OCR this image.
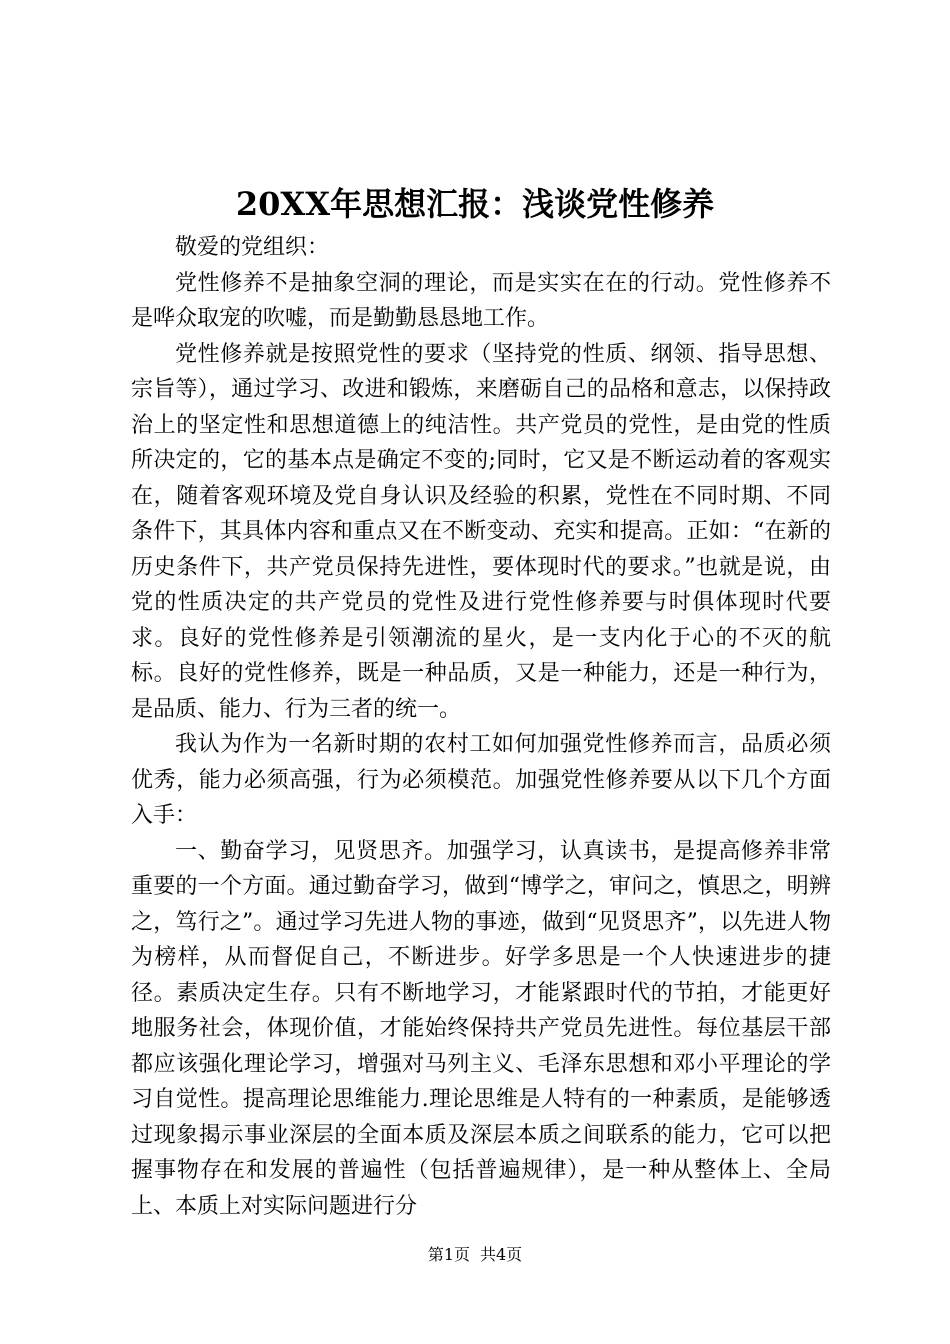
20XX年思想汇报：浅谈党性修养

敬爱的党组织：

党性修养不是抽象空洞的理论，而是实实在在的行动。党性修养不是哗众取宠的吹嘘，而是勤勤恳恳地工作。

党性修养就是按照党性的要求（坚持党的性质、纲领、指导思想、宗旨等），通过学习、改进和锻炼，来磨砺自己的品格和意志，以保持政治上的坚定性和思想道德上的纯洁性。共产党员的党性，是由党的性质所决定的，它的基本点是确定不变的;同时，它又是不断运动着的客观实在，随着客观环境及党自身认识及经验的积累，党性在不同时期、不同条件下，其具体内容和重点又在不断变动、充实和提高。正如：“在新的历史条件下，共产党员保持先进性，要体现时代的要求。”也就是说，由党的性质决定的共产党员的党性及进行党性修养要与时俱体现时代要求。良好的党性修养是引领潮流的星火，是一支内化于心的不灭的航标。良好的党性修养，既是一种品质，又是一种能力，还是一种行为，是品质、能力、行为三者的统一。

我认为作为一名新时期的农村工如何加强党性修养而言，品质必须优秀，能力必须高强，行为必须模范。加强党性修养要从以下几个方面入手：

一、勤奋学习，见贤思齐。加强学习，认真读书，是提高修养非常重要的一个方面。通过勤奋学习，做到“博学之，审问之，慎思之，明辨之，笃行之”。通过学习先进人物的事迹，做到“见贤思齐”，以先进人物为榜样，从而督促自己，不断进步。好学多思是一个人快速进步的捷径。素质决定生存。只有不断地学习，才能紧跟时代的节拍，才能更好地服务社会，体现价值，才能始终保持共产党员先进性。每位基层干部都应该强化理论学习，增强对马列主义、毛泽东思想和邓小平理论的学习自觉性。提高理论思维能力.理论思维是人特有的一种素质，是能够透过现象揭示事业深层的全面本质及深层本质之间联系的能力，它可以把握事物存在和发展的普遍性（包括普遍规律），是一种从整体上、全局上、本质上对实际问题进行分

第1页 共4页
